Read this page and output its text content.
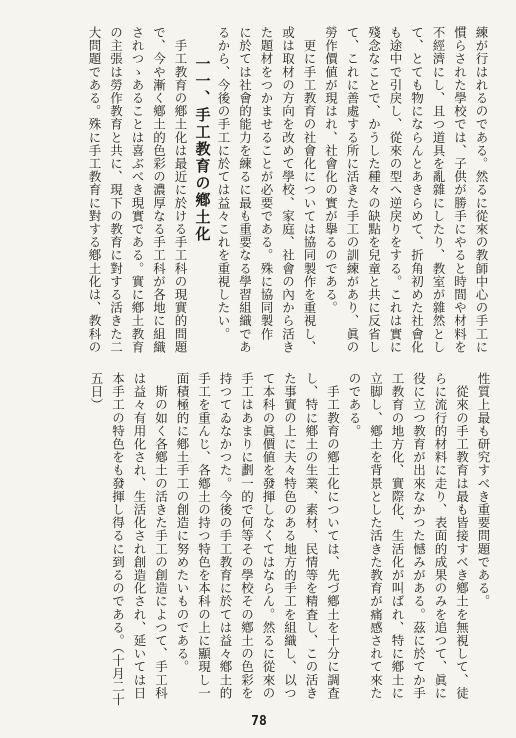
練が行はれるのである。然るに從來の教師中心の手工に

慣らされた學校では、子供が勝手にやると時間や材料を

不經濟にし、且つ道具を亂雜にしたり、教室が雜然とし

て、とても物にならんとあきらめて、折角初めた社會化

も途中で引戾し、從來の型へ逆戾りをする。これは實に

殘念なことで、かうした種々の缺點を兒童と共に反省し

て、これに善處する所に活きた手工の訓練があり、眞の

勞作價値が現はれ、社會化の實が擧るのである。

　更に手工教育の社會化については協同製作を重視し、

或は取材の方向を改めて學校、家庭、社會の內から活き

た題材をつかませることが必要である。殊に協同製作

に於ては社會的能力を練るに最も重要なる學習組織であ

るから、今後の手工に於ては益々これを重視したい。

一一、手工教育の鄕土化

　手工教育の鄕土化は最近に於ける手工科の現實的問題

で、今や漸く鄕土的色彩の濃厚なる手工科が各地に組織

されつゝあることは喜ぶべき現實である。實に鄕土教育

の主張は勞作教育と共に、現下の教育に對する活きた二

大問題である。殊に手工教育に對する鄕土化は、教科の

性質上最も研究すべき重要問題である。

　從來の手工教育は最も皆接すべき鄕土を無視して、徒

らに流行的材料に走り、表面的成果のみを追つて、眞に

役に立つ教育が出來なかつた憾みがある。茲に於てか手

工教育の地方化、實際化、生活化が叫ばれ、特に鄕土に

立脚し、鄕土を背景とした活きた教育が痛感されて來た

のである。

　手工教育の鄕土化については、先づ鄕土を十分に調査

し、特に鄕土の生業、素材、民情等を精査し、この活き

た事實の上に夫々特色のある地方的手工を組織し、以つ

て本科の眞價値を發揮しなくてはならん。然るに從來の

手工はあまりに劃一的で何等その學校その鄕土の色彩を

持つてゐなかつた。今後の手工教育に於ては益々鄕土的

手工を重んじ、各鄕土の持つ特色を本科の上に顯現し一

面積極的に鄕土手工の創造に努めたいものである。

　斯の如く各鄕土の活きた手工の創造によつて、手工科

は益々有用化され、生活化され創造化され、延いては日

本手工の特色をも發揮し得るに到るのである。（十月二十

五日）

78
